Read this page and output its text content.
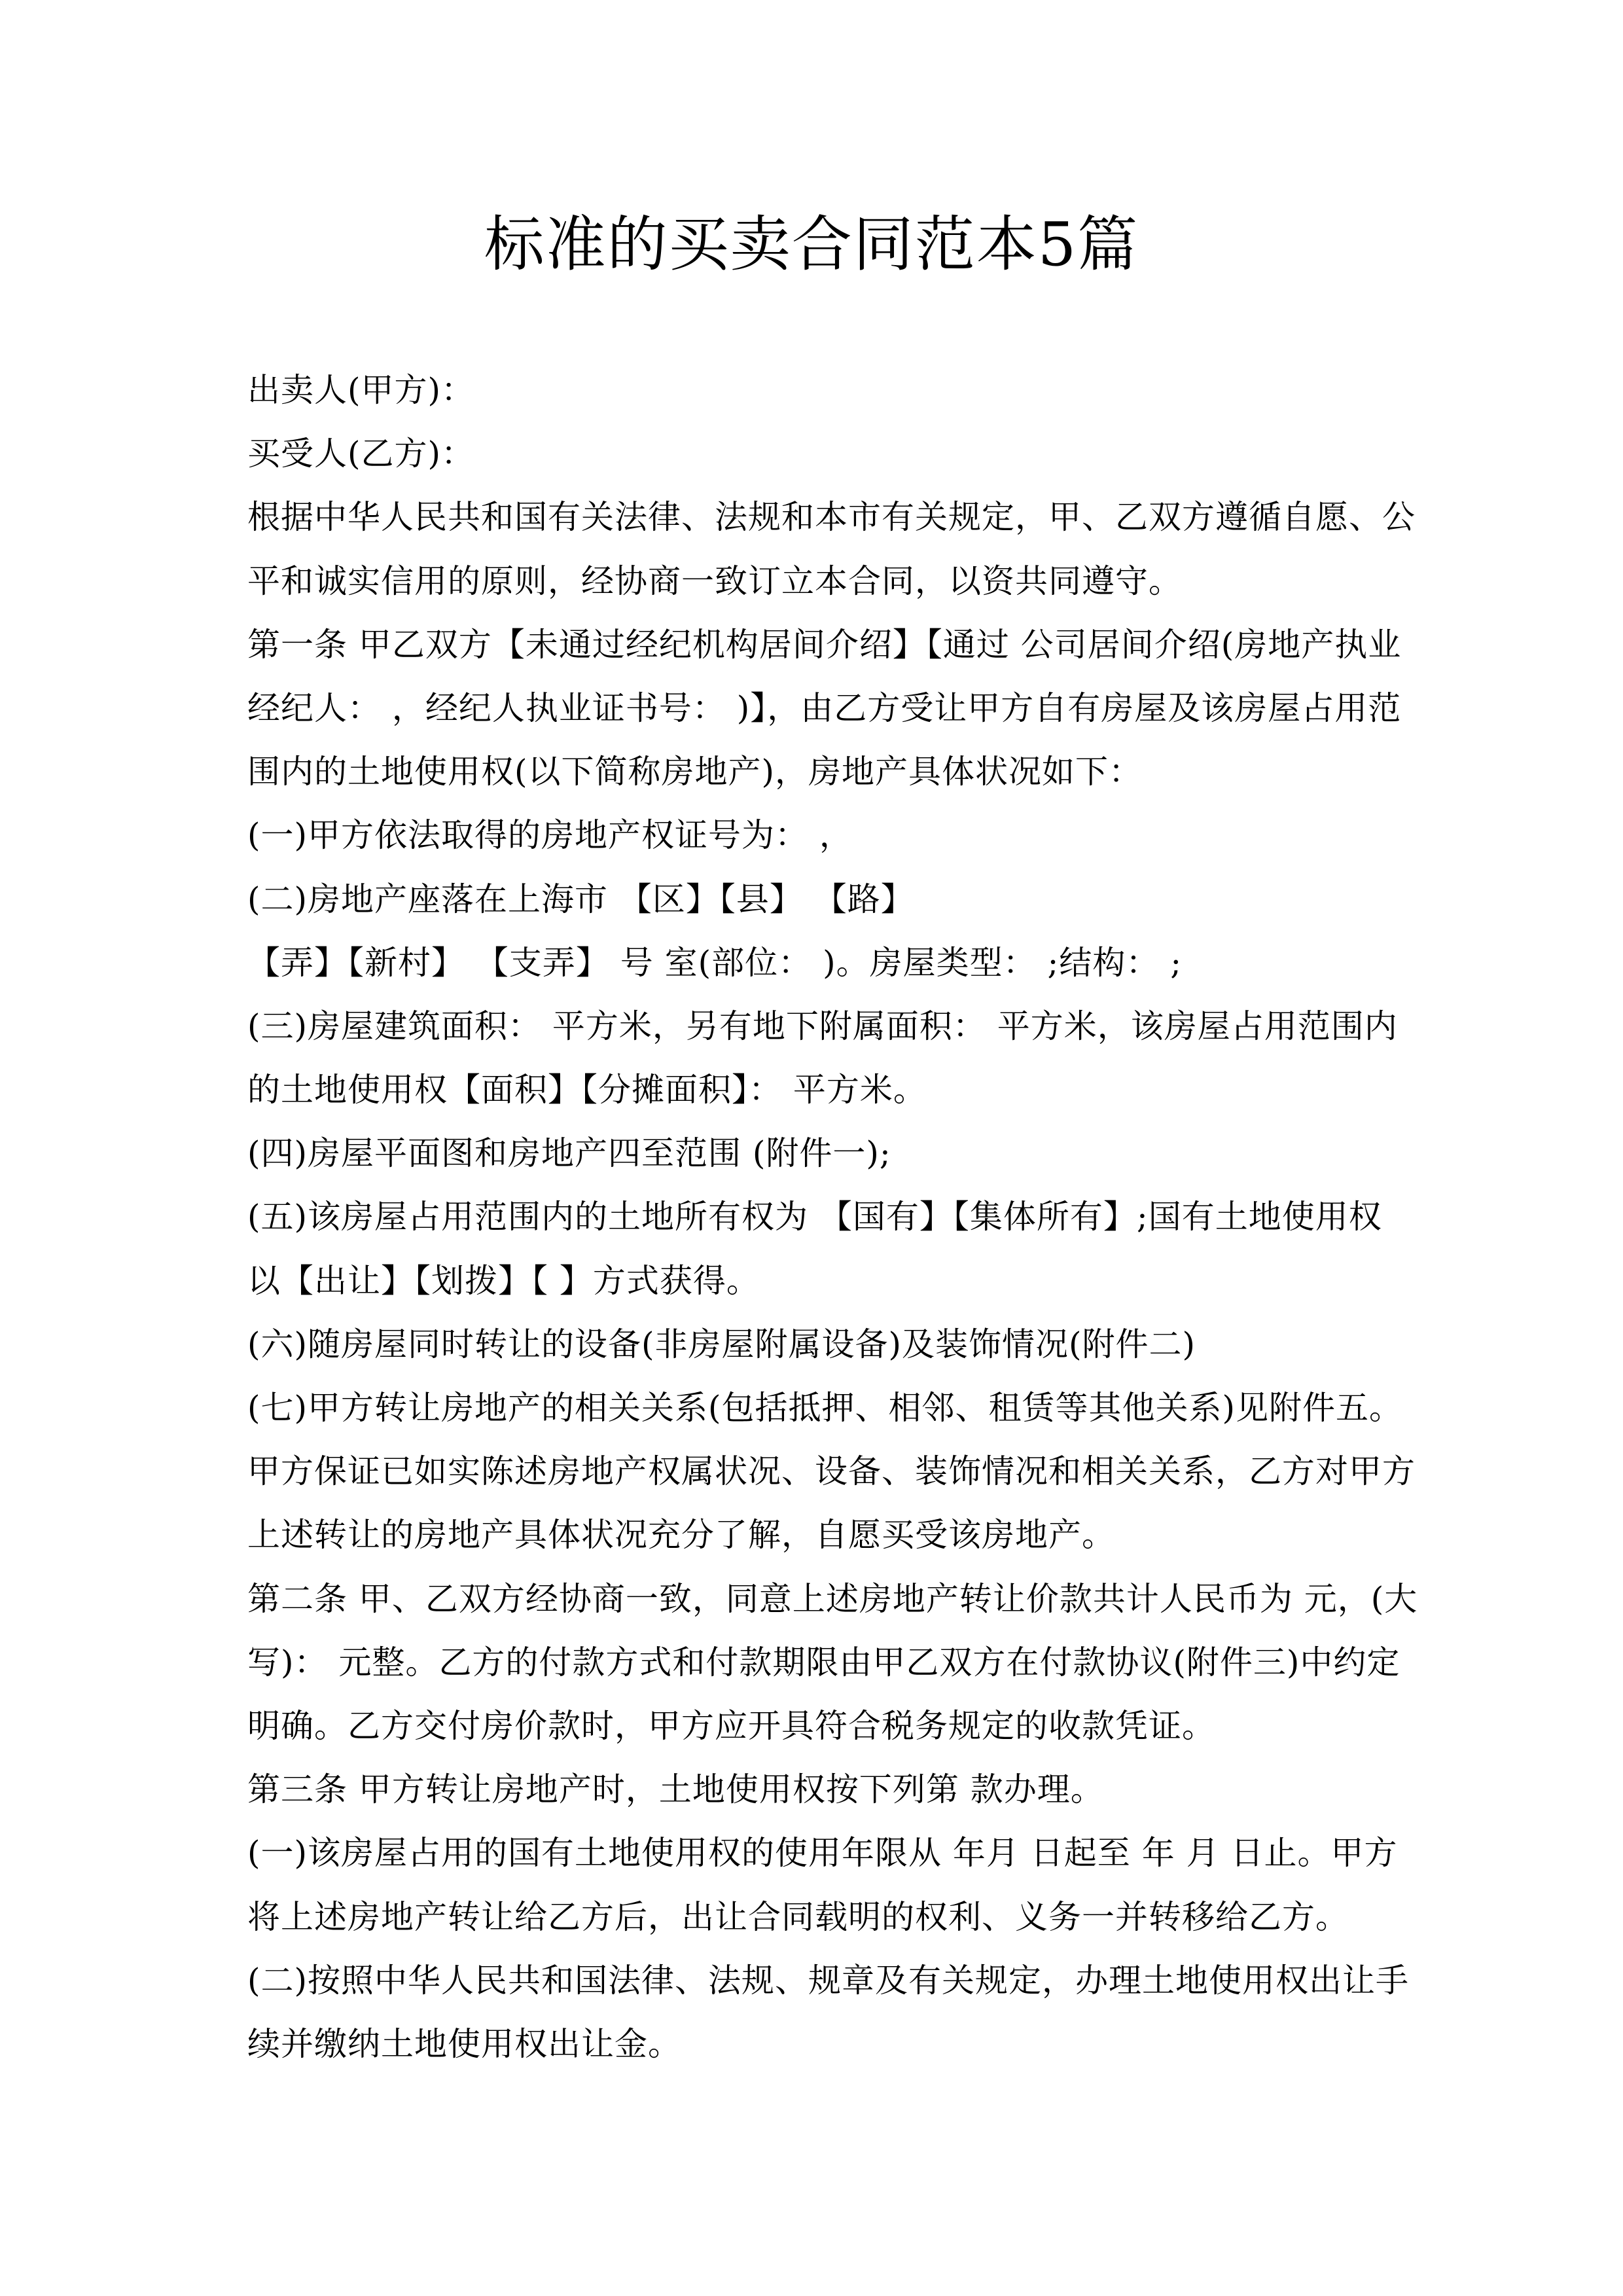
标准的买卖合同范本5篇
出卖人(甲方)：
买受人(乙方)：
根据中华人民共和国有关法律、法规和本市有关规定，甲、乙双方遵循自愿、公
平和诚实信用的原则，经协商一致订立本合同，以资共同遵守。
第一条 甲乙双方【未通过经纪机构居间介绍】【通过 公司居间介绍(房地产执业
经纪人： ，经纪人执业证书号： )】，由乙方受让甲方自有房屋及该房屋占用范
围内的土地使用权(以下简称房地产)，房地产具体状况如下：
(一)甲方依法取得的房地产权证号为： ，
(二)房地产座落在上海市 【区】【县】 【路】
【弄】【新村】 【支弄】 号 室(部位： )。房屋类型： ;结构： ;
(三)房屋建筑面积： 平方米，另有地下附属面积： 平方米，该房屋占用范围内
的土地使用权【面积】【分摊面积】： 平方米。
(四)房屋平面图和房地产四至范围 (附件一);
(五)该房屋占用范围内的土地所有权为 【国有】【集体所有】;国有土地使用权
以【出让】【划拨】【 】方式获得。
(六)随房屋同时转让的设备(非房屋附属设备)及装饰情况(附件二)
(七)甲方转让房地产的相关关系(包括抵押、相邻、租赁等其他关系)见附件五。
甲方保证已如实陈述房地产权属状况、设备、装饰情况和相关关系，乙方对甲方
上述转让的房地产具体状况充分了解，自愿买受该房地产。
第二条 甲、乙双方经协商一致，同意上述房地产转让价款共计人民币为 元，(大
写)： 元整。乙方的付款方式和付款期限由甲乙双方在付款协议(附件三)中约定
明确。乙方交付房价款时，甲方应开具符合税务规定的收款凭证。
第三条 甲方转让房地产时，土地使用权按下列第 款办理。
(一)该房屋占用的国有土地使用权的使用年限从 年月 日起至 年 月 日止。甲方
将上述房地产转让给乙方后，出让合同载明的权利、义务一并转移给乙方。
(二)按照中华人民共和国法律、法规、规章及有关规定，办理土地使用权出让手
续并缴纳土地使用权出让金。
